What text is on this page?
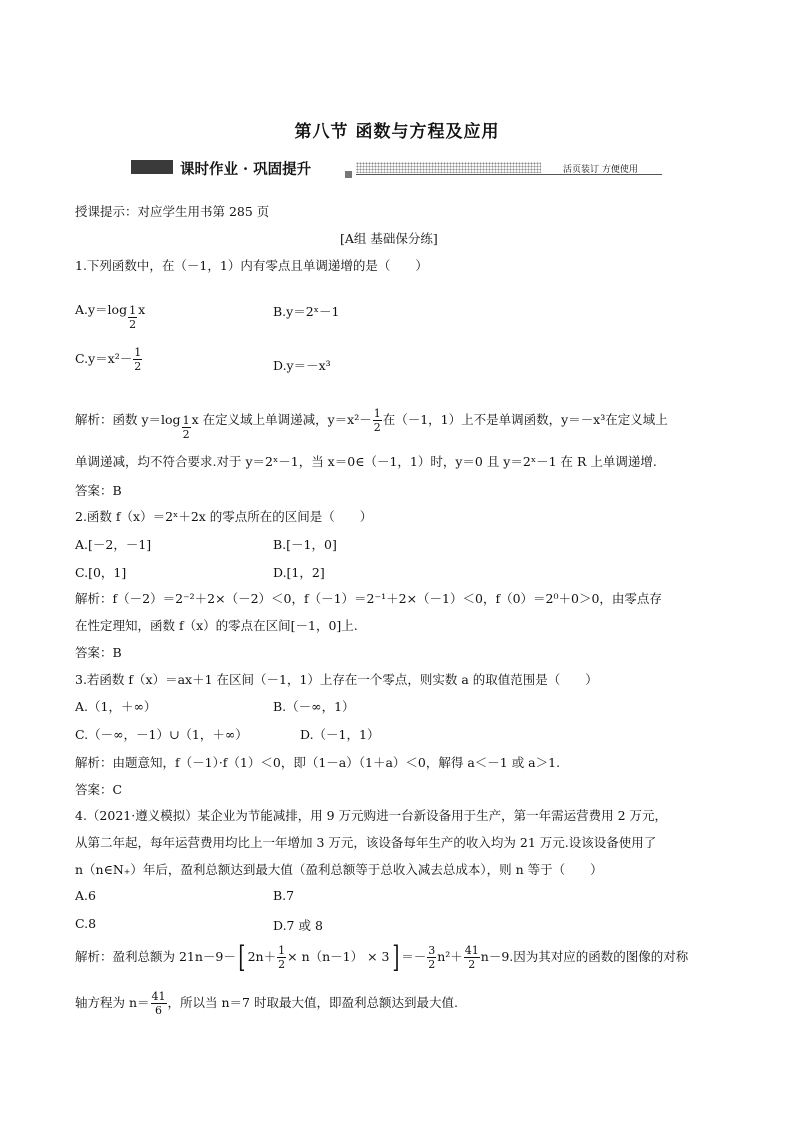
第八节 函数与方程及应用
课时作业 · 巩固提升	活页装订 方便使用
授课提示：对应学生用书第 285 页
[A组 基础保分练]
1.下列函数中，在（－1，1）内有零点且单调递增的是（　　）
$A.y=\log \frac{1}{2}$ x	B.y＝2ˣ－1
$C.y=x^2- \frac{1}{2}$	D.y＝－x³
解析：函数 $y=\log \frac{1}{2}$ x 在定义域上单调递减，$y=x^2- \frac{1}{2}$ 在（－1，1）上不是单调函数，y＝－x³在定义域上
单调递减，均不符合要求.对于 y＝2ˣ－1，当 x＝0∈（－1，1）时，y＝0 且 y＝2ˣ－1 在 R 上单调递增.
答案：B
2.函数 f（x）＝2ˣ＋2x 的零点所在的区间是（　　）
A.[－2，－1]	B.[－1，0]
C.[0，1]	D.[1，2]
解析：f（－2）＝2⁻²＋2×（－2）＜0，f（－1）＝2⁻¹＋2×（－1）＜0，f（0）＝2⁰＋0＞0，由零点存
在性定理知，函数 f（x）的零点在区间[－1，0]上.
答案：B
3.若函数 f（x）＝ax＋1 在区间（－1，1）上存在一个零点，则实数 a 的取值范围是（　　）
A.（1，＋∞）	B.（－∞，1）
C.（－∞，－1）∪（1，＋∞）	D.（－1，1）
解析：由题意知，f（－1）·f（1）＜0，即（1－a）（1＋a）＜0，解得 a＜－1 或 a＞1.
答案：C
4.（2021·遵义模拟）某企业为节能减排，用 9 万元购进一台新设备用于生产，第一年需运营费用 2 万元，
从第二年起，每年运营费用均比上一年增加 3 万元，该设备每年生产的收入均为 21 万元.设该设备使用了
n（n∈N₊）年后，盈利总额达到最大值（盈利总额等于总收入减去总成本），则 n 等于（　　）
A.6	B.7
C.8	D.7 或 8
解析：盈利总额为 21n－9－[ $2n+ \frac{1}{2} \times n(n-1) \times 3] =- \frac{3}{2} n^2+ \frac{41}{2} n-9$.因为其对应的函数的图像的对称
轴方程为 $n= \frac{41}{6}$ ，所以当 n＝7 时取最大值，即盈利总额达到最大值.
